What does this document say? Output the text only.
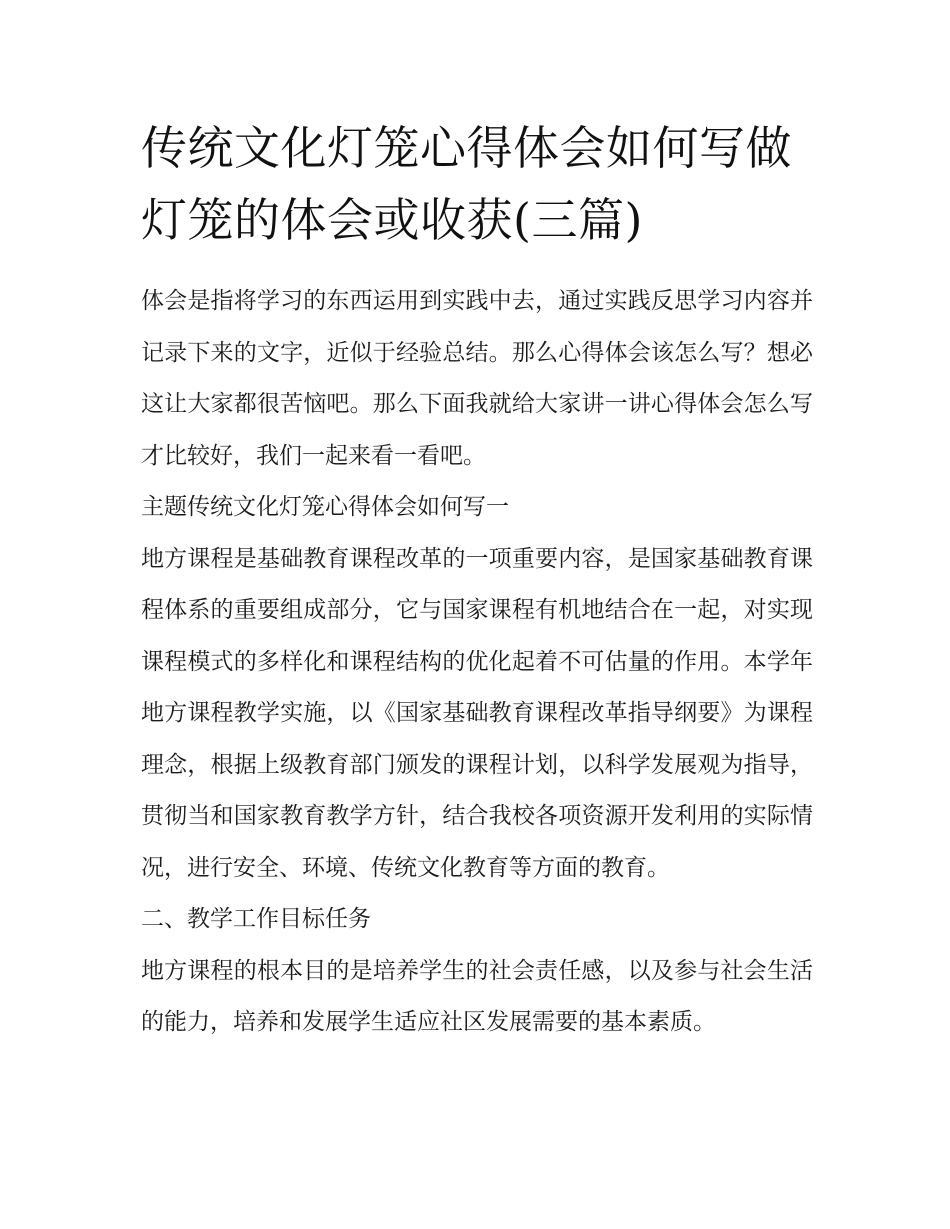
传统文化灯笼心得体会如何写做灯笼的体会或收获(三篇)

体会是指将学习的东西运用到实践中去，通过实践反思学习内容并记录下来的文字，近似于经验总结。那么心得体会该怎么写？想必这让大家都很苦恼吧。那么下面我就给大家讲一讲心得体会怎么写才比较好，我们一起来看一看吧。

主题传统文化灯笼心得体会如何写一

地方课程是基础教育课程改革的一项重要内容，是国家基础教育课程体系的重要组成部分，它与国家课程有机地结合在一起，对实现课程模式的多样化和课程结构的优化起着不可估量的作用。本学年地方课程教学实施，以《国家基础教育课程改革指导纲要》为课程理念，根据上级教育部门颁发的课程计划，以科学发展观为指导，贯彻当和国家教育教学方针，结合我校各项资源开发利用的实际情况，进行安全、环境、传统文化教育等方面的教育。

二、教学工作目标任务

地方课程的根本目的是培养学生的社会责任感，以及参与社会生活的能力，培养和发展学生适应社区发展需要的基本素质。
